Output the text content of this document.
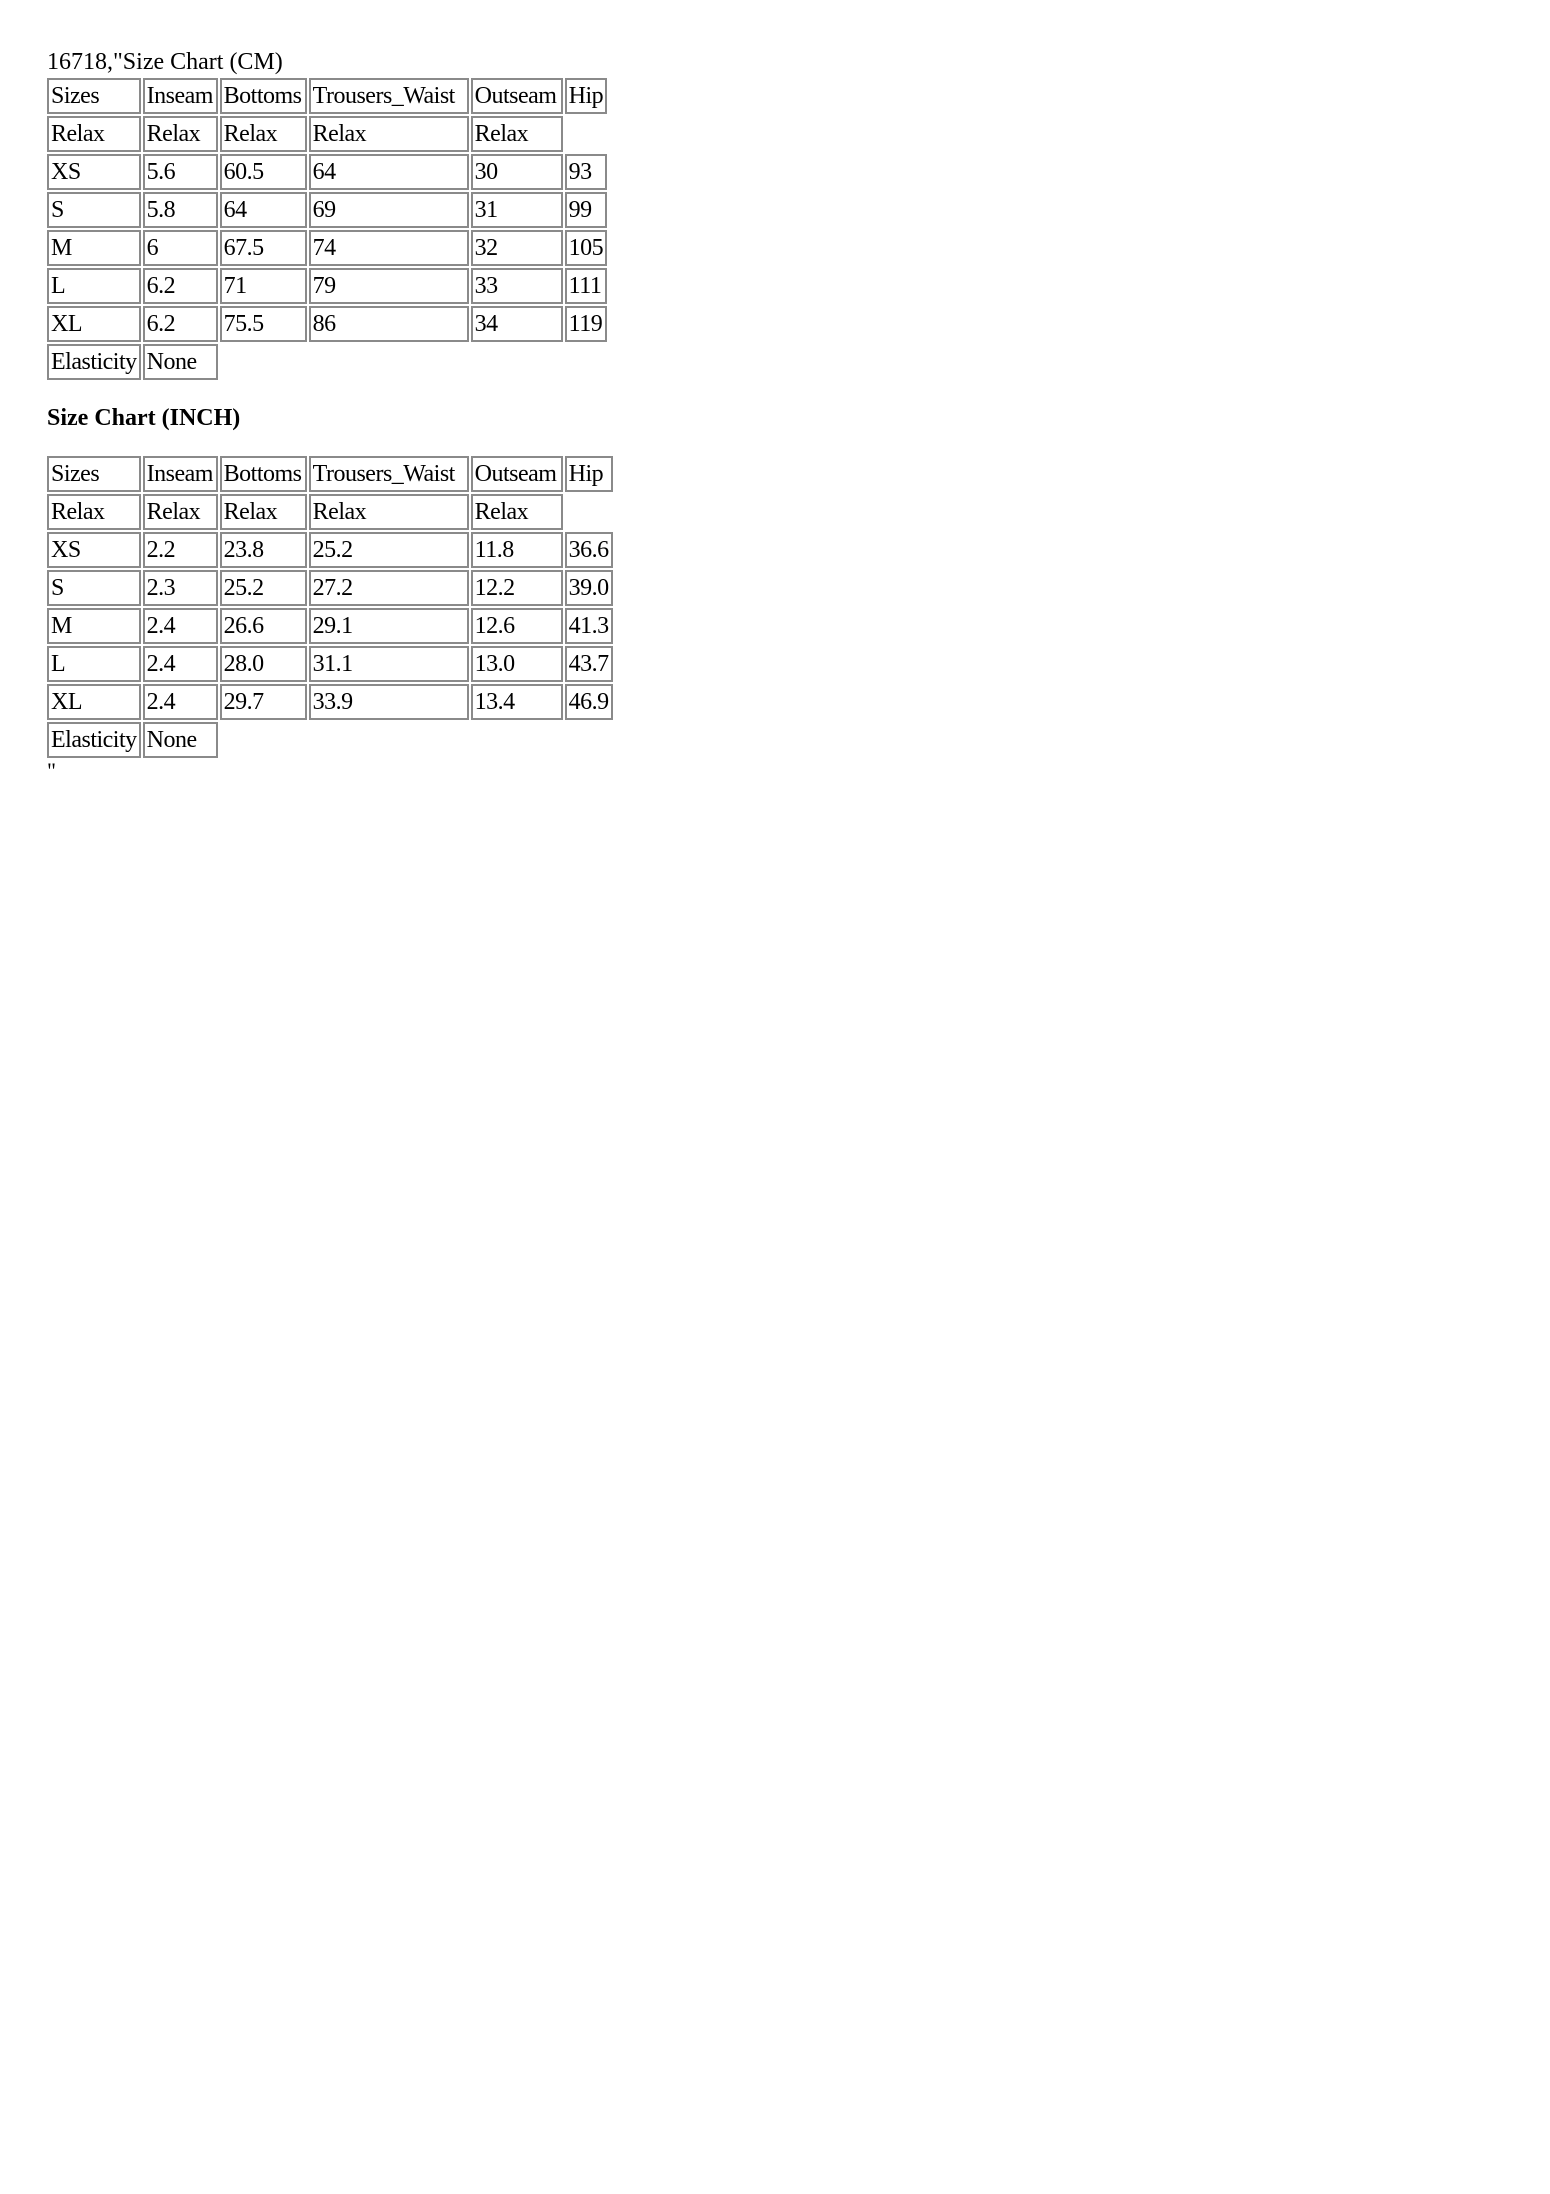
16718,"Size Chart (CM)
Sizes	Inseam	Bottoms	Trousers_Waist	Outseam	Hip
Relax	Relax	Relax	Relax	Relax	
XS	5.6	60.5	64	30	93
S	5.8	64	69	31	99
M	6	67.5	74	32	105
L	6.2	71	79	33	111
XL	6.2	75.5	86	34	119
Elasticity	None				
Size Chart (INCH)
Sizes	Inseam	Bottoms	Trousers_Waist	Outseam	Hip
Relax	Relax	Relax	Relax	Relax	
XS	2.2	23.8	25.2	11.8	36.6
S	2.3	25.2	27.2	12.2	39.0
M	2.4	26.6	29.1	12.6	41.3
L	2.4	28.0	31.1	13.0	43.7
XL	2.4	29.7	33.9	13.4	46.9
Elasticity	None				
"
